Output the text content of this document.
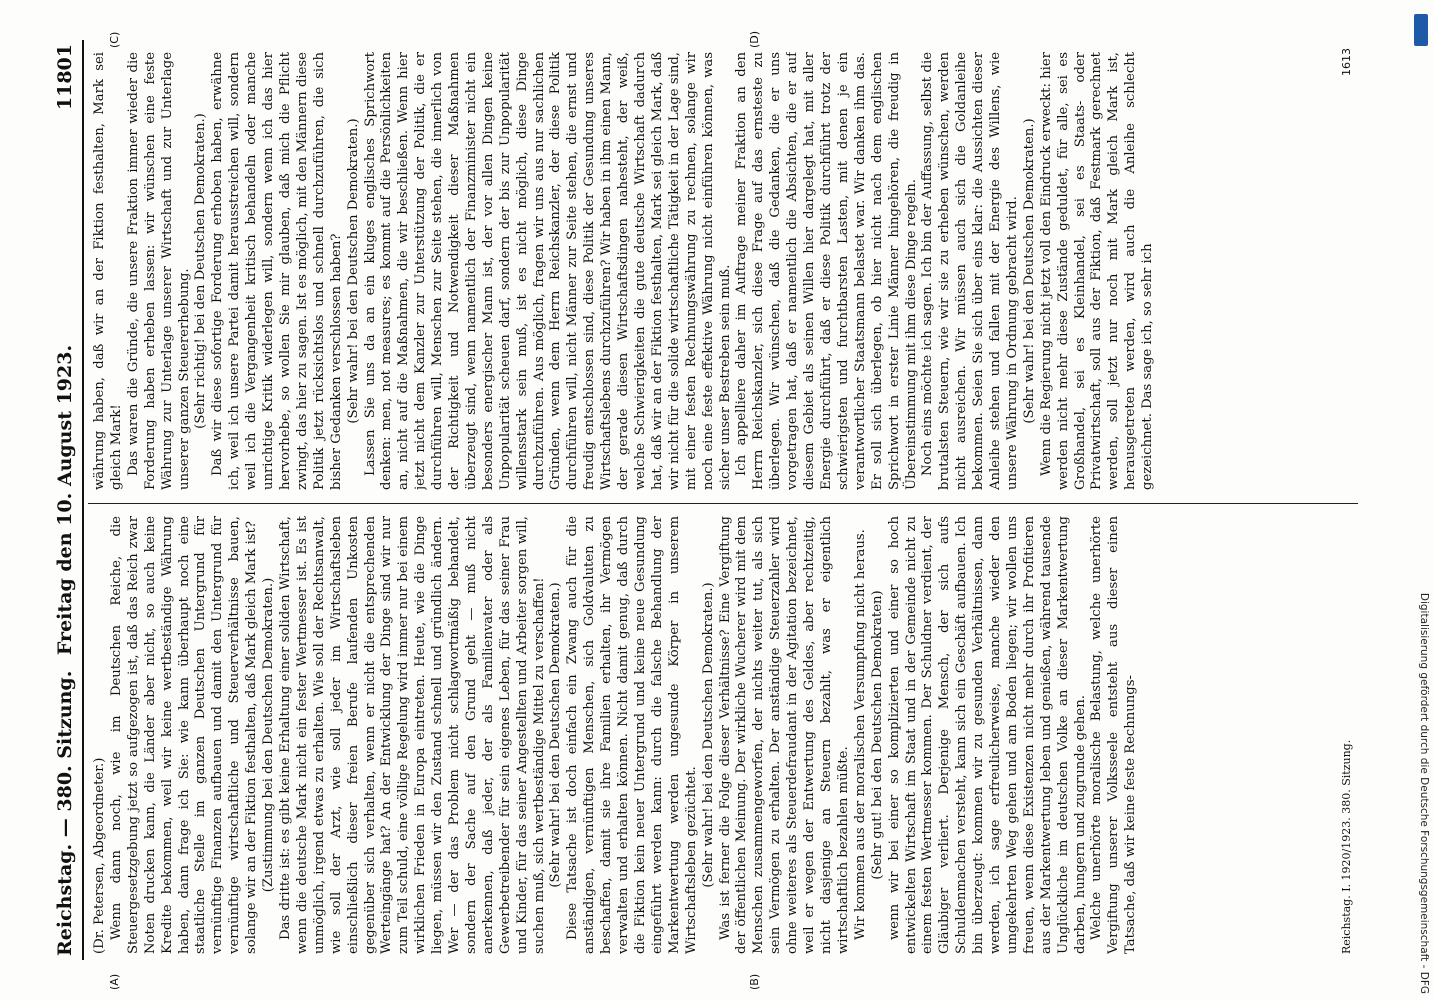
Reichstag. — 380. Sitzung.
Freitag den 10. August 1923.
11801

(Dr. Petersen, Abgeordneter.) Wenn dann noch, wie im Deutschen Reiche, die Steuergesetzgebung jetzt so aufgezogen ist, daß das Reich zwar Noten drucken kann, die Länder aber nicht, so auch keine Kredite bekommen, weil wir keine wertbeständige Währung haben, dann frage ich Sie: wie kann überhaupt noch eine staatliche Stelle im ganzen Deutschen Untergrund für vernünftige Finanzen aufbauen und damit den Untergrund für vernünftige wirtschaftliche und Steuerverhältnisse bauen, solange wir an der Fiktion festhalten, daß Mark gleich Mark ist? (Zustimmung bei den Deutschen Demokraten.) Das dritte ist: es gibt keine Erhaltung einer soliden Wirtschaft, wenn die deutsche Mark nicht ein fester Wertmesser ist. Es ist unmöglich, irgend etwas zu erhalten. Wie soll der Rechtsanwalt, wie soll der Arzt, wie soll jeder im Wirtschaftsleben einschließlich dieser freien Berufe laufenden Unkosten gegenüber sich verhalten, wenn er nicht die entsprechenden Werteingänge hat? An der Entwicklung der Dinge sind wir nur zum Teil schuld, eine völlige Regelung wird immer nur bei einem wirklichen Frieden in Europa eintreten. Heute, wie die Dinge liegen, müssen wir den Zustand schnell und gründlich ändern. Wer — der das Problem nicht schlagwortmäßig behandelt, sondern der Sache auf den Grund geht — muß nicht anerkennen, daß jeder, der als Familienvater oder als Gewerbetreibender für sein eigenes Leben, für das seiner Frau und Kinder, für das seiner Angestellten und Arbeiter sorgen will, suchen muß, sich wertbeständige Mittel zu verschaffen! (Sehr wahr! bei den Deutschen Demokraten.) Diese Tatsache ist doch einfach ein Zwang auch für die anständigen, vernünftigen Menschen, sich Goldvaluten zu beschaffen, damit sie ihre Familien erhalten, ihr Vermögen verwalten und erhalten können. Nicht damit genug, daß durch die Fiktion kein neuer Untergrund und keine neue Gesundung eingeführt werden kann: durch die falsche Behandlung der Markentwertung werden ungesunde Körper in unserem Wirtschaftsleben gezüchtet. (Sehr wahr! bei den Deutschen Demokraten.) Was ist ferner die Folge dieser Verhältnisse? Eine Vergiftung der öffentlichen Meinung. Der wirkliche Wucherer wird mit dem Menschen zusammengeworfen, der nichts weiter tut, als sich sein Vermögen zu erhalten. Der anständige Steuerzahler wird ohne weiteres als Steuerdefraudant in der Agitation bezeichnet, weil er wegen der Entwertung des Geldes, aber rechtzeitig, nicht dasjenige an Steuern bezahlt, was er eigentlich wirtschaftlich bezahlen müßte. Wir kommen aus der moralischen Versumpfung nicht heraus. (Sehr gut! bei den Deutschen Demokraten) wenn wir bei einer so komplizierten und einer so hoch entwickelten Wirtschaft im Staat und in der Gemeinde nicht zu einem festen Wertmesser kommen. Der Schuldner verdient, der Gläubiger verliert. Derjenige Mensch, der sich aufs Schuldenmachen versteht, kann sich ein Geschäft aufbauen. Ich bin überzeugt: kommen wir zu gesunden Verhältnissen, dann werden, ich sage erfreulicherweise, manche wieder den umgekehrten Weg gehen und am Boden liegen; wir wollen uns freuen, wenn diese Existenzen nicht mehr durch ihr Profitieren aus der Markentwertung leben und genießen, während tausende Unglückliche im deutschen Volke an dieser Markentwertung darben, hungern und zugrunde gehen. Welche unerhörte moralische Belastung, welche unerhörte Vergiftung unserer Volksseele entsteht aus dieser einen Tatsache, daß wir keine feste Rechnungs-

währung haben, daß wir an der Fiktion festhalten, Mark sei gleich Mark! Das waren die Gründe, die unsere Fraktion immer wieder die Forderung haben erheben lassen: wir wünschen eine feste Währung zur Unterlage unserer Wirtschaft und zur Unterlage unserer ganzen Steuererhebung. (Sehr richtig! bei den Deutschen Demokraten.) Daß wir diese sofortige Forderung erhoben haben, erwähne ich, weil ich unsere Partei damit herausstreichen will, sondern weil ich die Vergangenheit kritisch behandeln oder manche unrichtige Kritik widerlegen will, sondern wenn ich das hier hervorhebe, so wollen Sie mir glauben, daß mich die Pflicht zwingt, das hier zu sagen. Ist es möglich, mit den Männern diese Politik jetzt rücksichtslos und schnell durchzuführen, die sich bisher Gedanken verschlossen haben? (Sehr wahr! bei den Deutschen Demokraten.) Lassen Sie uns da an ein kluges englisches Sprichwort denken: men, not measures; es kommt auf die Persönlichkeiten an, nicht auf die Maßnahmen, die wir beschließen. Wenn hier jetzt nicht dem Kanzler zur Unterstützung der Politik, die er durchführen will, Menschen zur Seite stehen, die innerlich von der Richtigkeit und Notwendigkeit dieser Maßnahmen überzeugt sind, wenn namentlich der Finanzminister nicht ein besonders energischer Mann ist, der vor allen Dingen keine Unpopularität scheuen darf, sondern der bis zur Unpopularität willensstark sein muß, ist es nicht möglich, diese Dinge durchzuführen. Aus möglich, fragen wir uns aus nur sachlichen Gründen, wenn dem Herrn Reichskanzler, der diese Politik durchführen will, nicht Männer zur Seite stehen, die ernst und freudig entschlossen sind, diese Politik der Gesundung unseres Wirtschaftslebens durchzuführen? Wir haben in ihm einen Mann, der gerade diesen Wirtschaftsdingen nahesteht, der weiß, welche Schwierigkeiten die gute deutsche Wirtschaft dadurch hat, daß wir an der Fiktion festhalten, Mark sei gleich Mark, daß wir nicht für die solide wirtschaftliche Tätigkeit in der Lage sind, mit einer festen Rechnungswährung zu rechnen, solange wir noch eine feste effektive Währung nicht einführen können, was sicher unser Bestreben sein muß. Ich appelliere daher im Auftrage meiner Fraktion an den Herrn Reichskanzler, sich diese Frage auf das ernsteste zu überlegen. Wir wünschen, daß die Gedanken, die er uns vorgetragen hat, daß er namentlich die Absichten, die er auf diesem Gebiet als seinen Willen hier dargelegt hat, mit aller Energie durchführt, daß er diese Politik durchführt trotz der schwierigsten und furchtbarsten Lasten, mit denen je ein verantwortlicher Staatsmann belastet war. Wir danken ihm das. Er soll sich überlegen, ob hier nicht nach dem englischen Sprichwort in erster Linie Männer hingehören, die freudig in Übereinstimmung mit ihm diese Dinge regeln. Noch eins möchte ich sagen. Ich bin der Auffassung, selbst die brutalsten Steuern, wie wir sie zu erheben wünschen, werden nicht ausreichen. Wir müssen auch sich die Goldanleihe bekommen. Seien Sie sich über eins klar: die Aussichten dieser Anleihe stehen und fallen mit der Energie des Willens, wie unsere Währung in Ordnung gebracht wird. (Sehr wahr! bei den Deutschen Demokraten.) Wenn die Regierung nicht jetzt voll den Eindruck erweckt: hier werden nicht mehr diese Zustände geduldet, für alle, sei es Großhandel, sei es Kleinhandel, sei es Staats- oder Privatwirtschaft, soll aus der Fiktion, daß Festmark gerechnet werden, soll jetzt nur noch mit Mark gleich Mark ist, herausgetreten werden, wird auch die Anleihe schlecht gezeichnet. Das sage ich, so sehr ich

(A)	(B)
(C)	(D)
Reichstag. I. 1920/1923. 380. Sitzung.
1613
Digitalisierung gefördert durch die Deutsche Forschungsgemeinschaft - DFG
